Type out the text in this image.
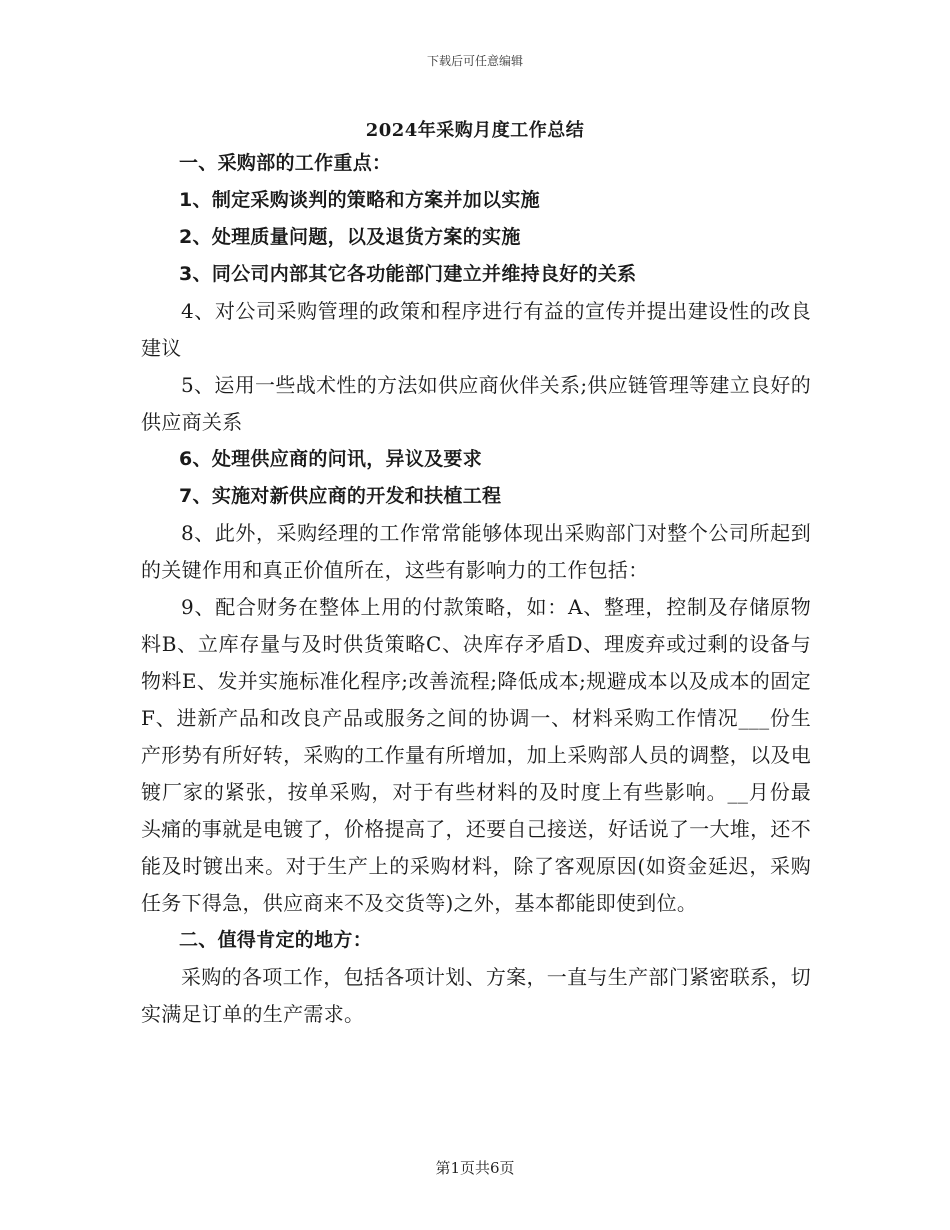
下载后可任意编辑
2024年采购月度工作总结

一、采购部的工作重点：

1、制定采购谈判的策略和方案并加以实施

2、处理质量问题，以及退货方案的实施

3、同公司内部其它各功能部门建立并维持良好的关系

4、对公司采购管理的政策和程序进行有益的宣传并提出建设性的改良建议

5、运用一些战术性的方法如供应商伙伴关系;供应链管理等建立良好的供应商关系

6、处理供应商的问讯，异议及要求

7、实施对新供应商的开发和扶植工程

8、此外，采购经理的工作常常能够体现出采购部门对整个公司所起到的关键作用和真正价值所在，这些有影响力的工作包括：

9、配合财务在整体上用的付款策略，如：A、整理，控制及存储原物料B、立库存量与及时供货策略C、决库存矛盾D、理废弃或过剩的设备与物料E、发并实施标准化程序;改善流程;降低成本;规避成本以及成本的固定F、进新产品和改良产品或服务之间的协调一、材料采购工作情况___份生产形势有所好转，采购的工作量有所增加，加上采购部人员的调整，以及电镀厂家的紧张，按单采购，对于有些材料的及时度上有些影响。__月份最头痛的事就是电镀了，价格提高了，还要自己接送，好话说了一大堆，还不能及时镀出来。对于生产上的采购材料，除了客观原因(如资金延迟，采购任务下得急，供应商来不及交货等)之外，基本都能即使到位。

二、值得肯定的地方：

采购的各项工作，包括各项计划、方案，一直与生产部门紧密联系，切实满足订单的生产需求。

第1页共6页
